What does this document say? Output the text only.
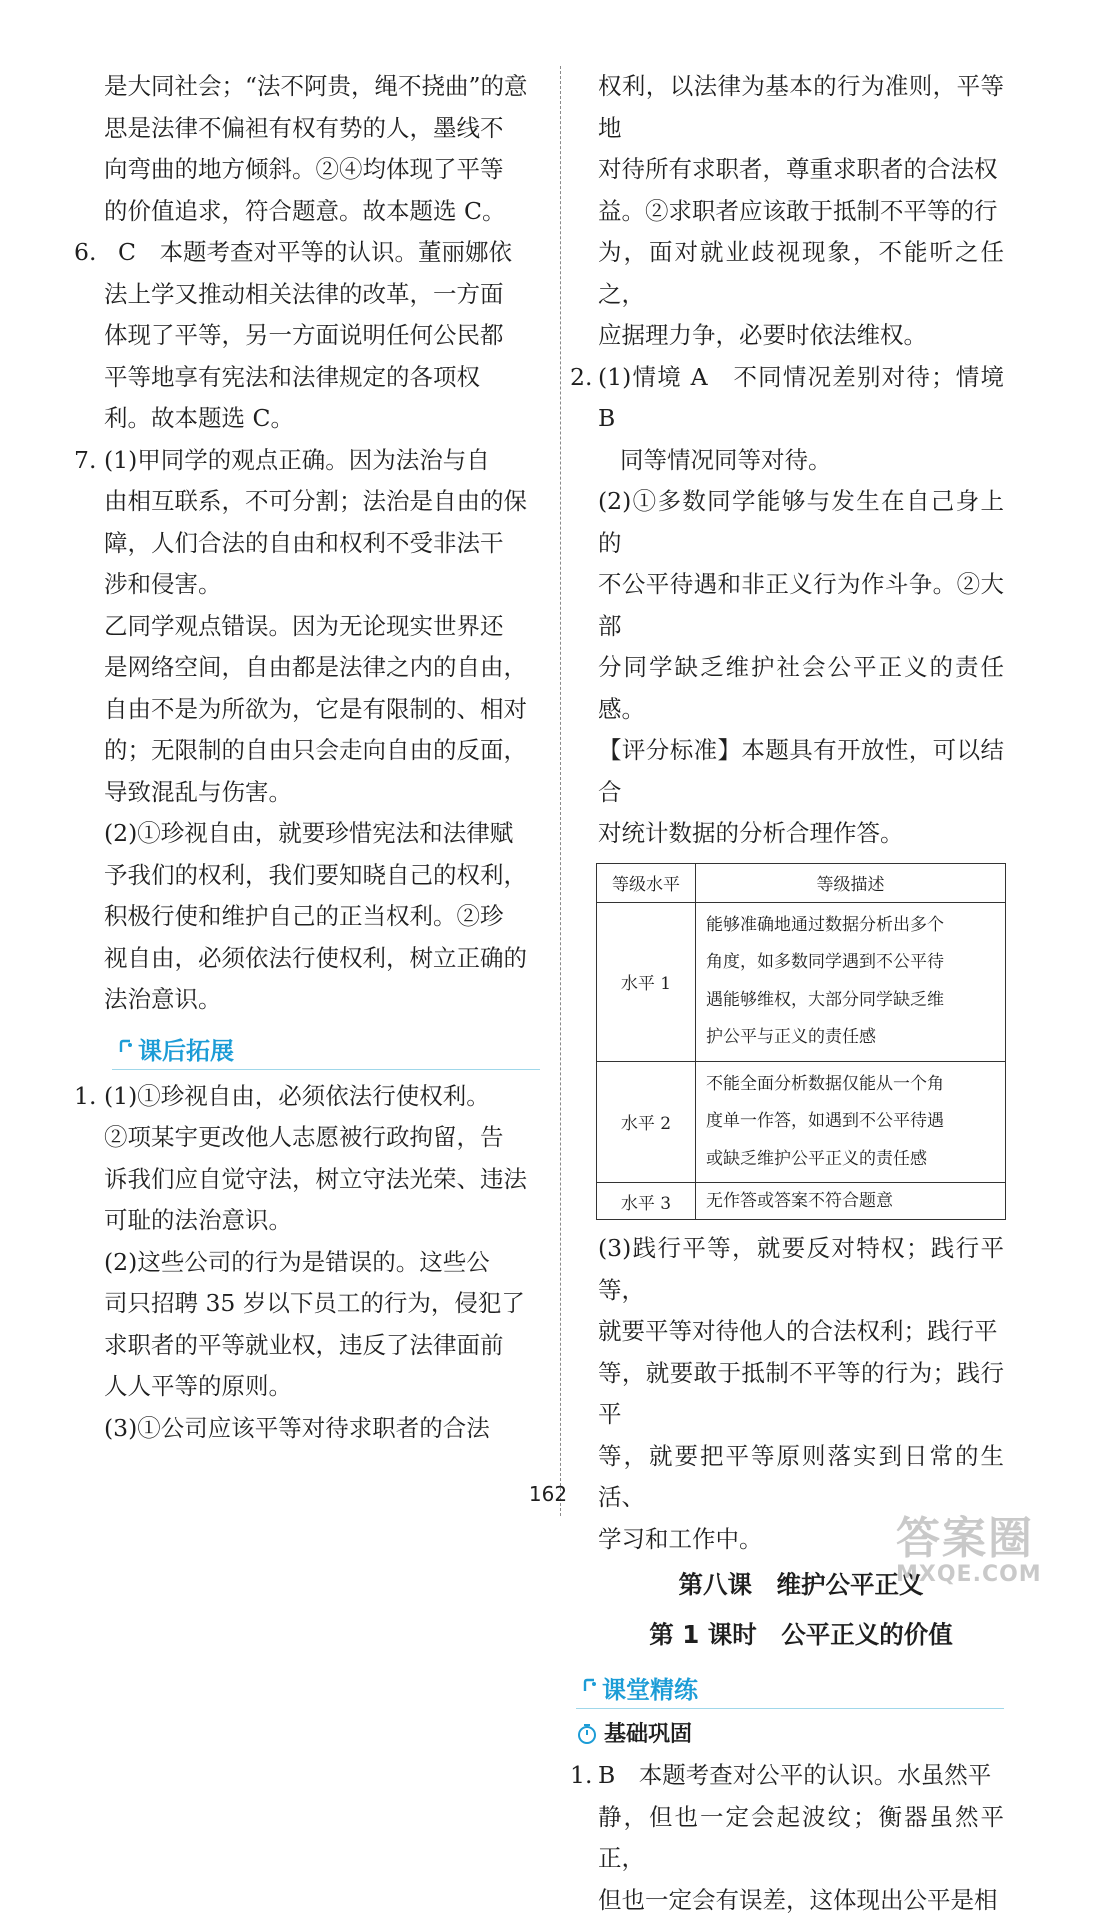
是大同社会；“法不阿贵，绳不挠曲”的意

思是法律不偏袒有权有势的人，墨线不

向弯曲的地方倾斜。②④均体现了平等

的价值追求，符合题意。故本题选 C。

6. C　本题考查对平等的认识。董丽娜依

法上学又推动相关法律的改革，一方面

体现了平等，另一方面说明任何公民都

平等地享有宪法和法律规定的各项权

利。故本题选 C。

7. (1)甲同学的观点正确。因为法治与自

由相互联系，不可分割；法治是自由的保

障，人们合法的自由和权利不受非法干

涉和侵害。

乙同学观点错误。因为无论现实世界还

是网络空间，自由都是法律之内的自由，

自由不是为所欲为，它是有限制的、相对

的；无限制的自由只会走向自由的反面，

导致混乱与伤害。

(2)①珍视自由，就要珍惜宪法和法律赋

予我们的权利，我们要知晓自己的权利，

积极行使和维护自己的正当权利。②珍

视自由，必须依法行使权利，树立正确的

法治意识。

课后拓展
1. (1)①珍视自由，必须依法行使权利。

②项某宇更改他人志愿被行政拘留，告

诉我们应自觉守法，树立守法光荣、违法

可耻的法治意识。

(2)这些公司的行为是错误的。这些公

司只招聘 35 岁以下员工的行为，侵犯了

求职者的平等就业权，违反了法律面前

人人平等的原则。

(3)①公司应该平等对待求职者的合法

权利，以法律为基本的行为准则，平等地

对待所有求职者，尊重求职者的合法权

益。②求职者应该敢于抵制不平等的行

为，面对就业歧视现象，不能听之任之，

应据理力争，必要时依法维权。

2. (1)情境 A　不同情况差别对待；情境 B

同等情况同等对待。

(2)①多数同学能够与发生在自己身上的

不公平待遇和非正义行为作斗争。②大部

分同学缺乏维护社会公平正义的责任感。

【评分标准】本题具有开放性，可以结合

对统计数据的分析合理作答。

等级水平	等级描述
水平 1	能够准确地通过数据分析出多个
角度，如多数同学遇到不公平待
遇能够维权，大部分同学缺乏维
护公平与正义的责任感

水平 2	不能全面分析数据仅能从一个角
度单一作答，如遇到不公平待遇
或缺乏维护公平正义的责任感

水平 3	无作答或答案不符合题意

(3)践行平等，就要反对特权；践行平等，

就要平等对待他人的合法权利；践行平

等，就要敢于抵制不平等的行为；践行平

等，就要把平等原则落实到日常的生活、

学习和工作中。

第八课　维护公平正义
第 1 课时　公平正义的价值
课堂精练
基础巩固
1. B　本题考查对公平的认识。水虽然平

静，但也一定会起波纹；衡器虽然平正，

但也一定会有误差，这体现出公平是相

162
答案圈
MXQE.COM
